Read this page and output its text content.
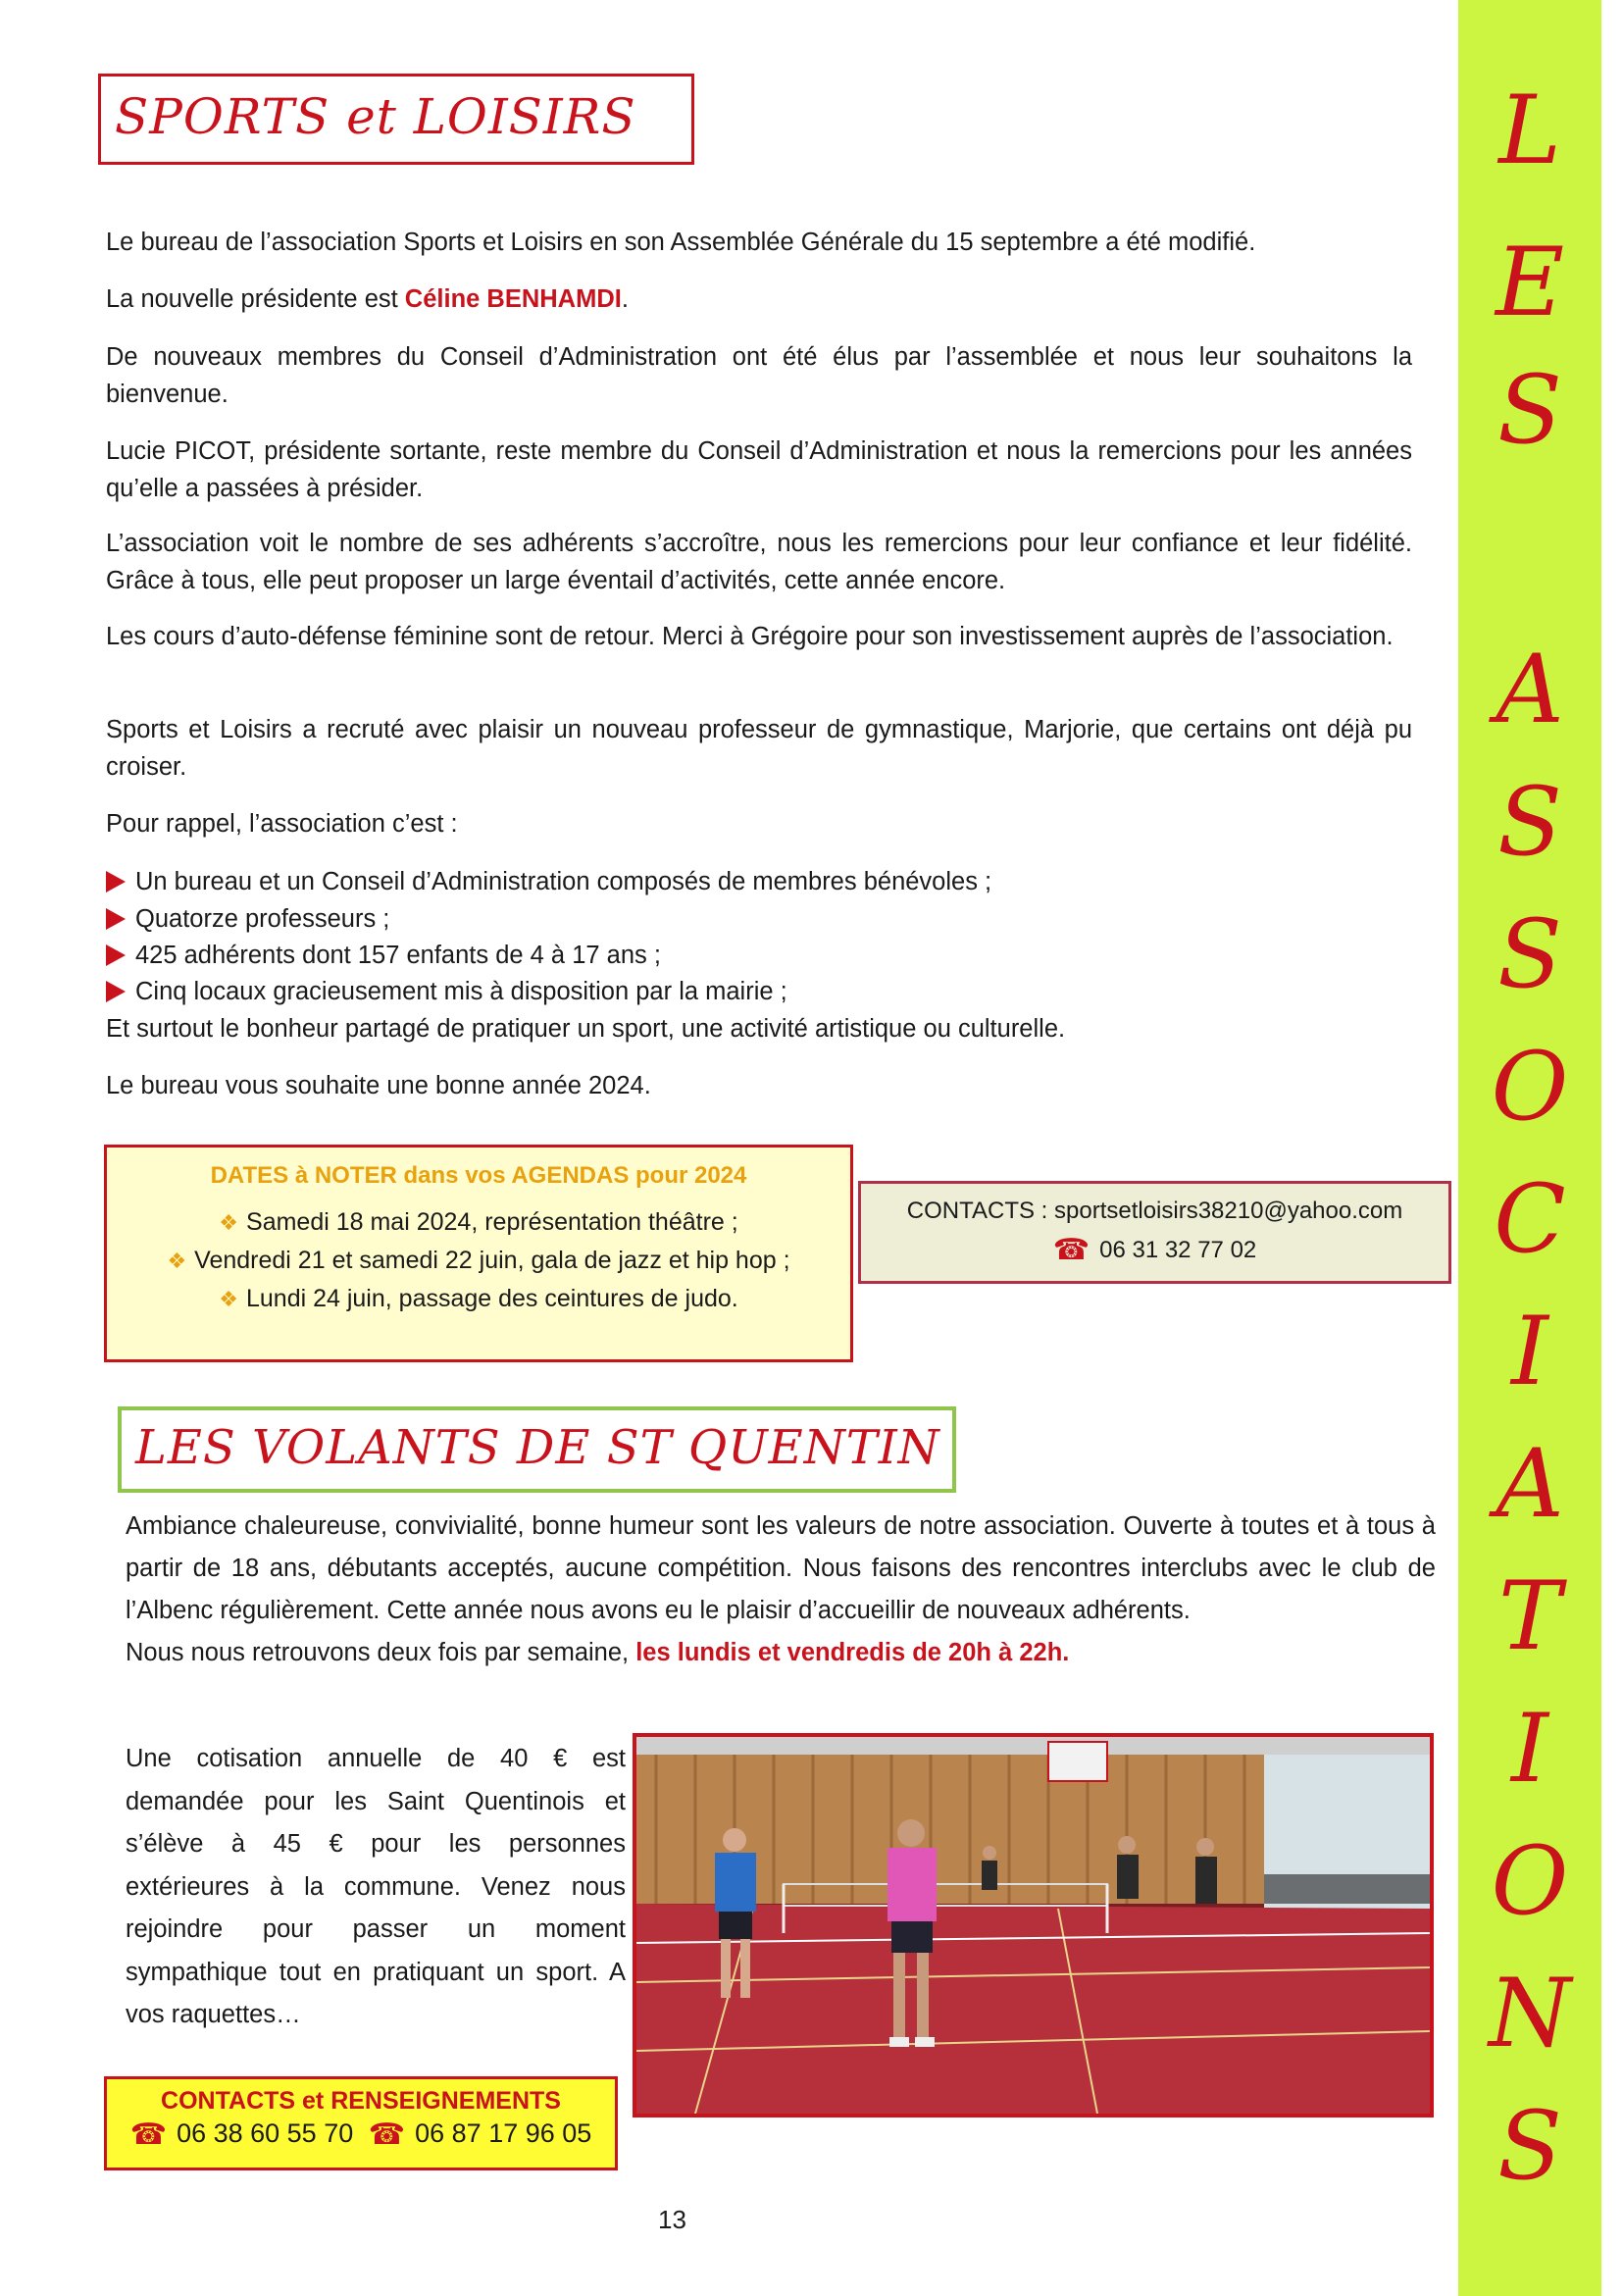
SPORTS et LOISIRS
Le bureau de l’association Sports et Loisirs en son Assemblée Générale du 15 septembre a été modifié.
La nouvelle présidente est Céline BENHAMDI.
De nouveaux membres du Conseil d’Administration ont été élus par l’assemblée et nous leur souhaitons la bienvenue.
Lucie PICOT, présidente sortante, reste membre du Conseil d’Administration et nous la remercions pour les années qu’elle a passées à présider.
L’association voit le nombre de ses adhérents s’accroître, nous les remercions pour leur confiance et leur fidélité. Grâce à tous, elle peut proposer un large éventail d’activités, cette année encore.
Les cours d’auto-défense féminine sont de retour. Merci à Grégoire pour son investissement auprès de l’association.
Sports et Loisirs a recruté avec plaisir un nouveau professeur de gymnastique, Marjorie, que certains ont déjà pu croiser.
Pour rappel, l’association c’est :
Un bureau et un Conseil d’Administration composés de membres bénévoles ;
Quatorze professeurs ;
425 adhérents dont 157 enfants de 4 à 17 ans ;
Cinq locaux gracieusement mis à disposition par la mairie ;
Et surtout le bonheur partagé de pratiquer un sport, une activité artistique ou culturelle.
Le bureau vous souhaite une bonne année 2024.
DATES à NOTER dans vos AGENDAS pour 2024
❖ Samedi 18 mai 2024, représentation théâtre ;
❖ Vendredi 21 et samedi 22 juin, gala de jazz et hip hop ;
❖ Lundi 24 juin, passage des ceintures de judo.
CONTACTS : sportsetloisirs38210@yahoo.com
☎ 06 31 32 77 02
L
E
S
A
S
S
O
C
I
A
T
I
O
N
S
LES VOLANTS DE ST QUENTIN
Ambiance chaleureuse, convivialité, bonne humeur sont les valeurs de notre association. Ouverte à toutes et à tous à partir de 18 ans, débutants acceptés, aucune compétition. Nous faisons des rencontres interclubs avec le club de l’Albenc régulièrement. Cette année nous avons eu le plaisir d’accueillir de nouveaux adhérents.
Nous nous retrouvons deux fois par semaine, les lundis et vendredis de 20h à 22h.
Une cotisation annuelle de 40 € est demandée pour les Saint Quentinois et s’élève à 45 € pour les personnes extérieures à la commune. Venez nous rejoindre pour passer un moment sympathique tout en pratiquant un sport. A vos raquettes…
CONTACTS et RENSEIGNEMENTS
☎ 06 38 60 55 70 ☎ 06 87 17 96 05
13
